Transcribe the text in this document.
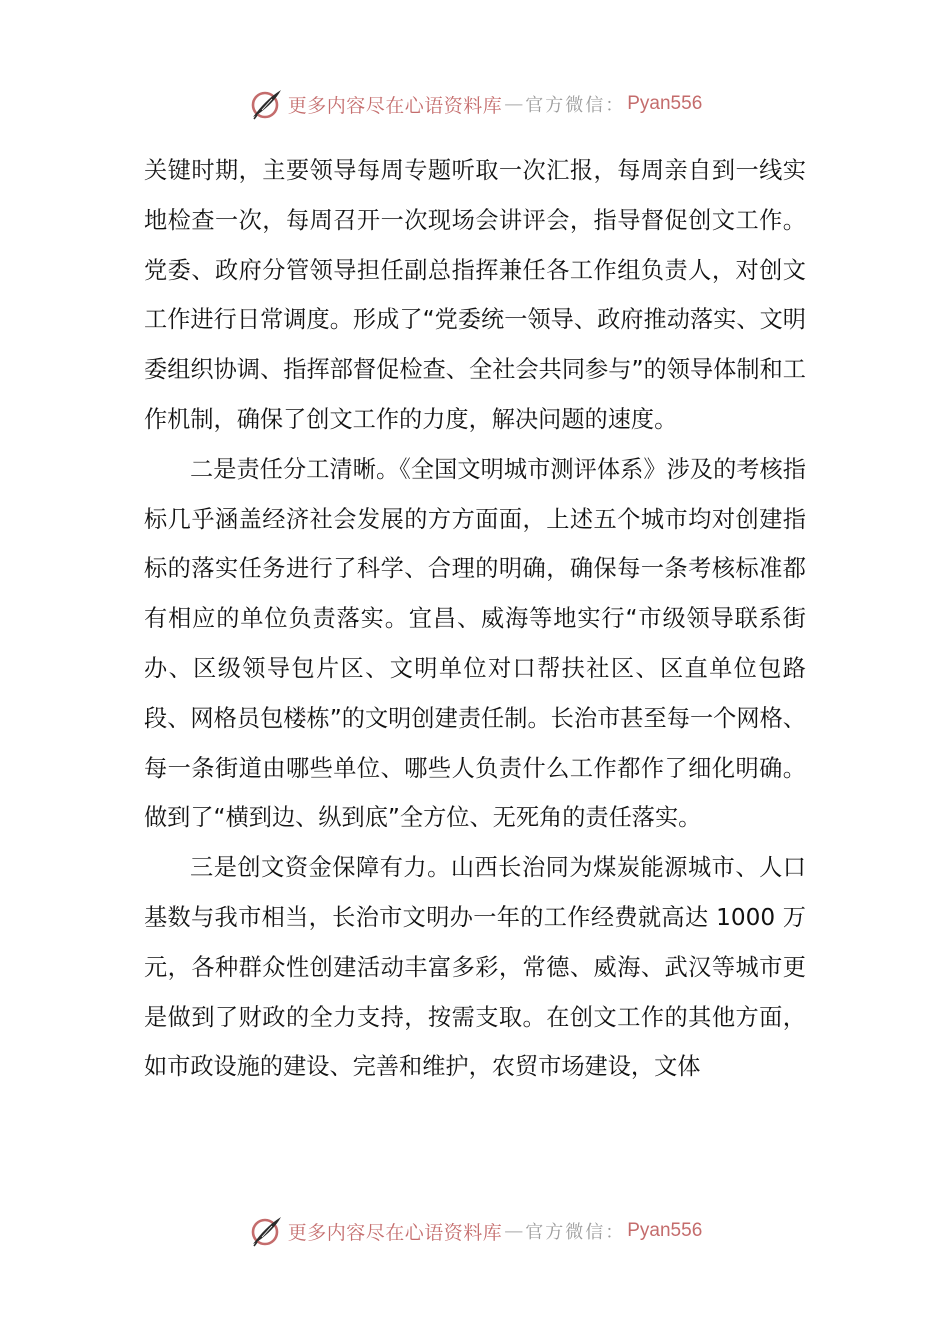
更多内容尽在心语资料库 — 官方微信： Pyan556

关键时期，主要领导每周专题听取一次汇报，每周亲自到一线实地检查一次，每周召开一次现场会讲评会，指导督促创文工作。党委、政府分管领导担任副总指挥兼任各工作组负责人，对创文工作进行日常调度。形成了“党委统一领导、政府推动落实、文明委组织协调、指挥部督促检查、全社会共同参与”的领导体制和工作机制，确保了创文工作的力度，解决问题的速度。

二是责任分工清晰。《全国文明城市测评体系》涉及的考核指标几乎涵盖经济社会发展的方方面面，上述五个城市均对创建指标的落实任务进行了科学、合理的明确，确保每一条考核标准都有相应的单位负责落实。宜昌、威海等地实行“市级领导联系街办、区级领导包片区、文明单位对口帮扶社区、区直单位包路段、网格员包楼栋”的文明创建责任制。长治市甚至每一个网格、每一条街道由哪些单位、哪些人负责什么工作都作了细化明确。做到了“横到边、纵到底”全方位、无死角的责任落实。

三是创文资金保障有力。山西长治同为煤炭能源城市、人口基数与我市相当，长治市文明办一年的工作经费就高达 1000 万元，各种群众性创建活动丰富多彩，常德、威海、武汉等城市更是做到了财政的全力支持，按需支取。在创文工作的其他方面，如市政设施的建设、完善和维护，农贸市场建设，文体

更多内容尽在心语资料库 — 官方微信： Pyan556
